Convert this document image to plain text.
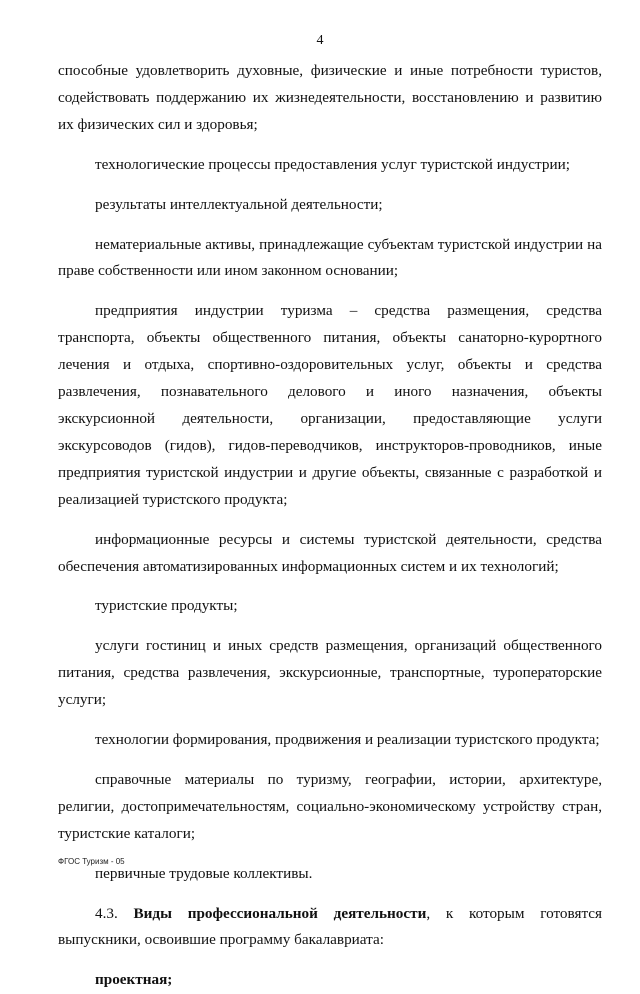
4

способные удовлетворить духовные, физические и иные потребности туристов, содействовать поддержанию их жизнедеятельности, восстановлению и развитию их физических сил и здоровья;

технологические процессы предоставления услуг туристской индустрии;

результаты интеллектуальной деятельности;

нематериальные активы, принадлежащие субъектам туристской индустрии на праве собственности или ином законном основании;

предприятия индустрии туризма – средства размещения, средства транспорта, объекты общественного питания, объекты санаторно-курортного лечения и отдыха, спортивно-оздоровительных услуг, объекты и средства развлечения, познавательного делового и иного назначения, объекты экскурсионной деятельности, организации, предоставляющие услуги экскурсоводов (гидов), гидов-переводчиков, инструкторов-проводников, иные предприятия туристской индустрии и другие объекты, связанные с разработкой и реализацией туристского продукта;

информационные ресурсы и системы туристской деятельности, средства обеспечения автоматизированных информационных систем и их технологий;

туристские продукты;

услуги гостиниц и иных средств размещения, организаций общественного питания, средства развлечения, экскурсионные, транспортные, туроператорские услуги;

технологии формирования, продвижения и реализации туристского продукта;

справочные материалы по туризму, географии, истории, архитектуре, религии, достопримечательностям, социально-экономическому устройству стран, туристские каталоги;

первичные трудовые коллективы.

4.3. Виды профессиональной деятельности, к которым готовятся выпускники, освоившие программу бакалавриата:

проектная;

ФГОС Туризм - 05
